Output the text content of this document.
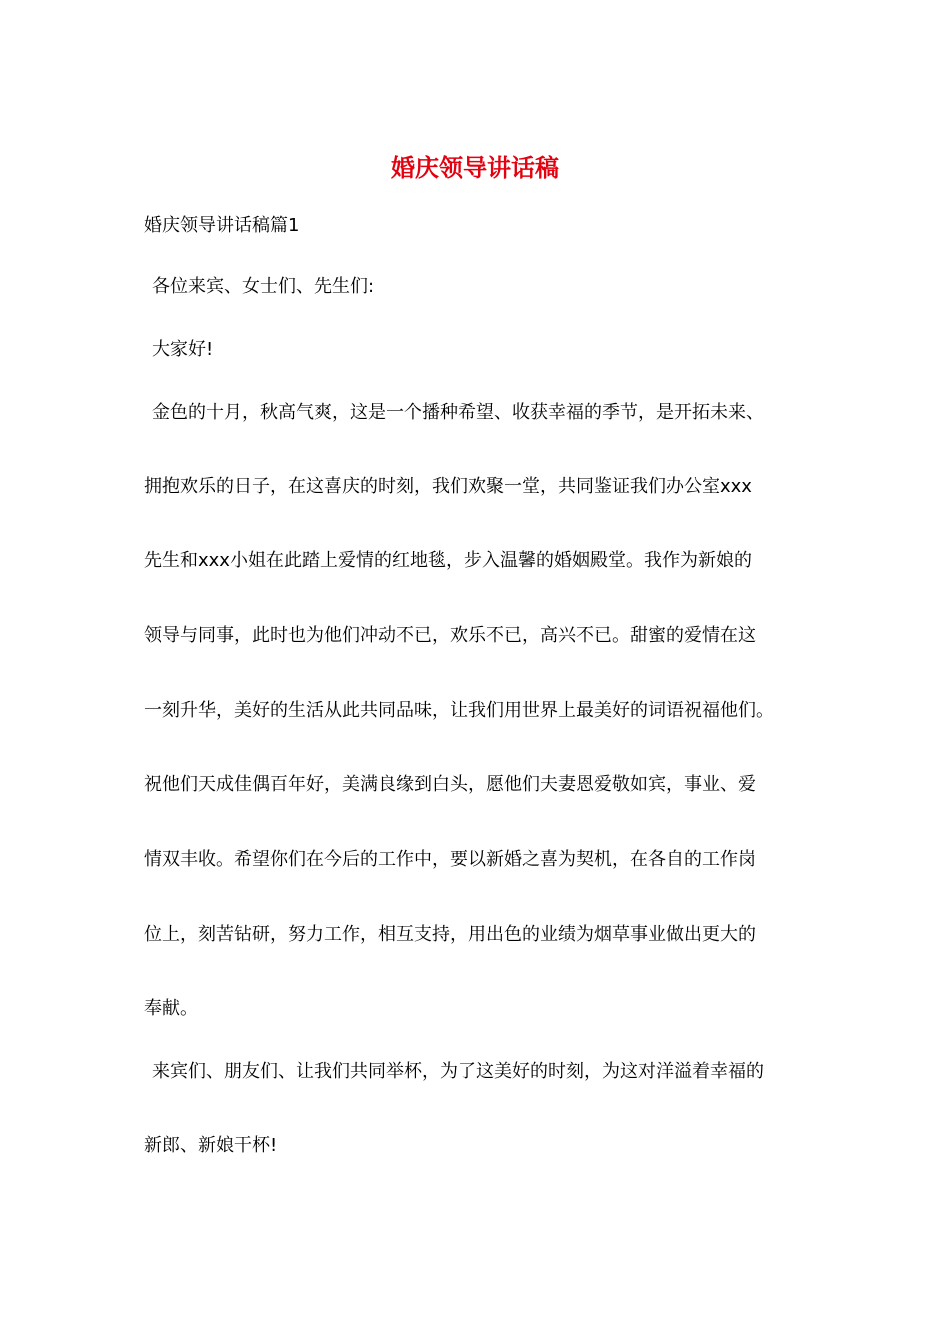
婚庆领导讲话稿
婚庆领导讲话稿篇1
各位来宾、女士们、先生们:
大家好!
金色的十月，秋高气爽，这是一个播种希望、收获幸福的季节，是开拓未来、
拥抱欢乐的日子，在这喜庆的时刻，我们欢聚一堂，共同鉴证我们办公室xxx
先生和xxx小姐在此踏上爱情的红地毯，步入温馨的婚姻殿堂。我作为新娘的
领导与同事，此时也为他们冲动不已，欢乐不已，高兴不已。甜蜜的爱情在这
一刻升华，美好的生活从此共同品味，让我们用世界上最美好的词语祝福他们。
祝他们天成佳偶百年好，美满良缘到白头，愿他们夫妻恩爱敬如宾，事业、爱
情双丰收。希望你们在今后的工作中，要以新婚之喜为契机，在各自的工作岗
位上，刻苦钻研，努力工作，相互支持，用出色的业绩为烟草事业做出更大的
奉献。
来宾们、朋友们、让我们共同举杯，为了这美好的时刻，为这对洋溢着幸福的
新郎、新娘干杯!
